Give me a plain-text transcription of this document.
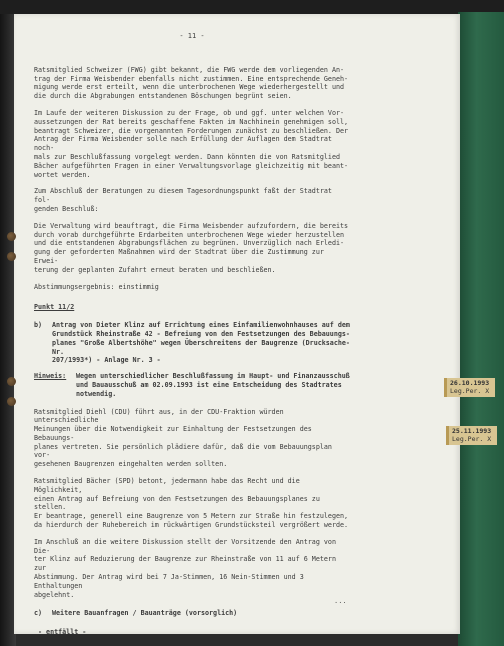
- 11 -

Ratsmitglied Schweizer (FWG) gibt bekannt, die FWG werde dem vorliegenden An-
trag der Firma Weisbender ebenfalls nicht zustimmen. Eine entsprechende Geneh-
migung werde erst erteilt, wenn die unterbrochenen Wege wiederhergestellt und
die durch die Abgrabungen entstandenen Böschungen begrünt seien.

Im Laufe der weiteren Diskussion zu der Frage, ob und ggf. unter welchen Vor-
aussetzungen der Rat bereits geschaffene Fakten im Nachhinein genehmigen soll,
beantragt Schweizer, die vorgenannten Forderungen zunächst zu beschließen. Der
Antrag der Firma Weisbender solle nach Erfüllung der Auflagen dem Stadtrat noch-
mals zur Beschlußfassung vorgelegt werden. Dann könnten die von Ratsmitglied
Bächer aufgeführten Fragen in einer Verwaltungsvorlage gleichzeitig mit beant-
wortet werden.

Zum Abschluß der Beratungen zu diesem Tagesordnungspunkt faßt der Stadtrat fol-
genden Beschluß:

Die Verwaltung wird beauftragt, die Firma Weisbender aufzufordern, die bereits
durch vorab durchgeführte Erdarbeiten unterbrochenen Wege wieder herzustellen
und die entstandenen Abgrabungsflächen zu begrünen. Unverzüglich nach Erledi-
gung der geforderten Maßnahmen wird der Stadtrat über die Zustimmung zur Erwei-
terung der geplanten Zufahrt erneut beraten und beschließen.

Abstimmungsergebnis: einstimmig

Punkt 11/2
b)	Antrag von Dieter Klinz auf Errichtung eines Einfamilienwohnhauses auf dem
Grundstück Rheinstraße 42 - Befreiung von den Festsetzungen des Bebauungs-
planes "Große Albertshöhe" wegen Überschreitens der Baugrenze (Drucksache-Nr.
207/1993*) - Anlage Nr. 3 -
Hinweis:	Wegen unterschiedlicher Beschlußfassung im Haupt- und Finanzausschuß
und Bauausschuß am 02.09.1993 ist eine Entscheidung des Stadtrates
notwendig.

Ratsmitglied Diehl (CDU) führt aus, in der CDU-Fraktion würden unterschiedliche
Meinungen über die Notwendigkeit zur Einhaltung der Festsetzungen des Bebauungs-
planes vertreten. Sie persönlich plädiere dafür, daß die vom Bebauungsplan vor-
gesehenen Baugrenzen eingehalten werden sollten.

Ratsmitglied Bächer (SPD) betont, jedermann habe das Recht und die Möglichkeit,
einen Antrag auf Befreiung von den Festsetzungen des Bebauungsplanes zu stellen.
Er beantrage, generell eine Baugrenze von 5 Metern zur Straße hin festzulegen,
da hierdurch der Ruhebereich im rückwärtigen Grundstücksteil vergrößert werde.

Im Anschluß an die weitere Diskussion stellt der Vorsitzende den Antrag von Die-
ter Klinz auf Reduzierung der Baugrenze zur Rheinstraße von 11 auf 6 Metern zur
Abstimmung. Der Antrag wird bei 7 Ja-Stimmen, 16 Nein-Stimmen und 3 Enthaltungen
abgelehnt.

c)	Weitere Bauanfragen / Bauanträge (vorsorglich)
- entfällt -
...
26.10.1993
Leg.Per. X
25.11.1993
Leg.Per. X
